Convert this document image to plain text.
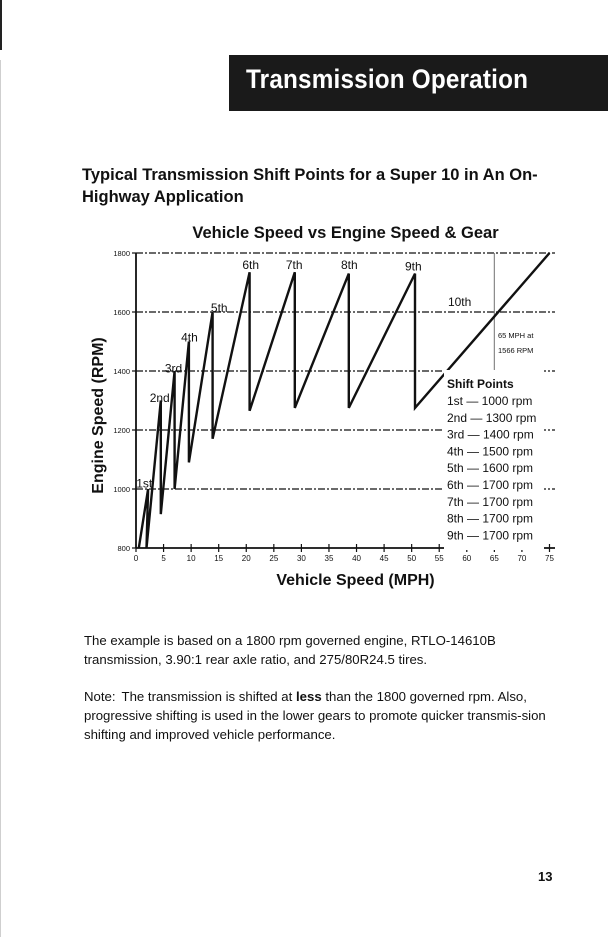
Transmission Operation
Typical Transmission Shift Points for a Super 10 in An On-Highway Application
Vehicle Speed vs Engine Speed & Gear
0	5	10 15 20 25 30 35 40 45 50 55 60 65 70 75
800
1000
1200
1400
1600
1800
Vehicle Speed (MPH)
Engine Speed (RPM) 1st
2nd
3rd
4th
5th
6th 7th	8th	9th
10th
65 MPH at
1566 RPM
Shift Points
1st — 1000 rpm
2nd — 1300 rpm
3rd — 1400 rpm
4th — 1500 rpm
5th — 1600 rpm
6th — 1700 rpm
7th — 1700 rpm
8th — 1700 rpm
9th — 1700 rpm
The example is based on a 1800 rpm governed engine, RTLO-14610B transmission, 3.90:1 rear axle ratio, and 275/80R24.5 tires.
Note: The transmission is shifted at less than the 1800 governed rpm. Also, progressive shifting is used in the lower gears to promote quicker transmis-sion shifting and improved vehicle performance.
13
